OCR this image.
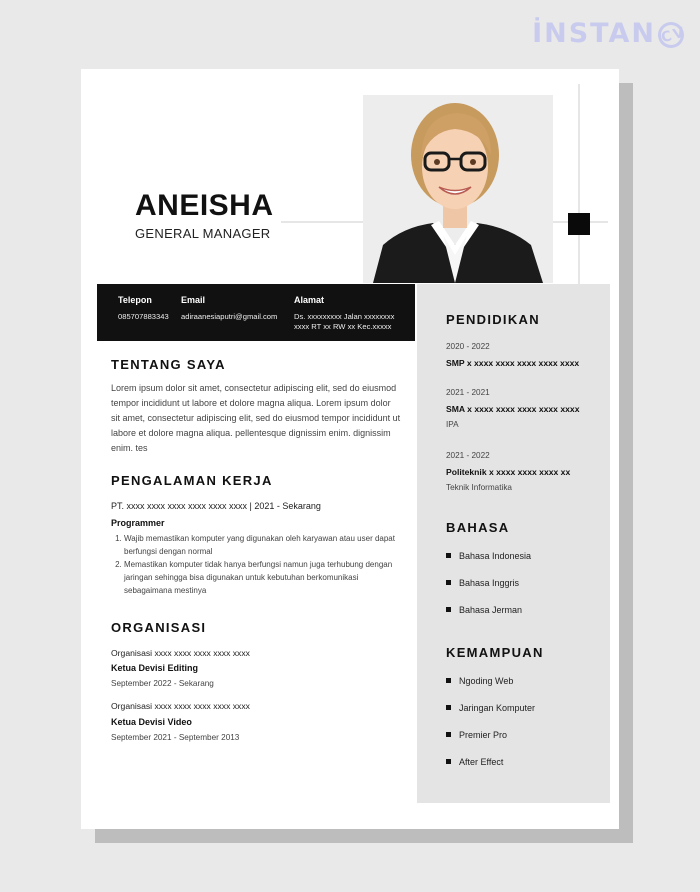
İNSTAN CV
ANEISHA
GENERAL MANAGER
Telepon
085707883343
Email
adiraanesiaputri@gmail.com
Alamat
Ds. xxxxxxxxx Jalan xxxxxxxx
xxxx RT xx RW xx Kec.xxxxx	PENDIDIKAN
2020 - 2022
SMP x xxxx xxxx xxxx xxxx xxxx
2021 - 2021
SMA x xxxx xxxx xxxx xxxx xxxx
IPA
2021 - 2022
Politeknik x xxxx xxxx xxxx xx
Teknik Informatika
BAHASA
Bahasa Indonesia
Bahasa Inggris
Bahasa Jerman
KEMAMPUAN
Ngoding Web
Jaringan Komputer
Premier Pro
After Effect
TENTANG SAYA
Lorem ipsum dolor sit amet, consectetur adipiscing elit, sed do eiusmod tempor incididunt ut labore et dolore magna aliqua. Lorem ipsum dolor sit amet, consectetur adipiscing elit, sed do eiusmod tempor incididunt ut labore et dolore magna aliqua. pellentesque dignissim enim. dignissim enim. tes
PENGALAMAN KERJA
PT. xxxx xxxx xxxx xxxx xxxx xxxx | 2021 - Sekarang
Programmer
1. Wajib memastikan komputer yang digunakan oleh karyawan atau user dapat berfungsi dengan normal
2. Memastikan komputer tidak hanya berfungsi namun juga terhubung dengan jaringan sehingga bisa digunakan untuk kebutuhan berkomunikasi sebagaimana mestinya
ORGANISASI
Organisasi xxxx xxxx xxxx xxxx xxxx
Ketua Devisi Editing
September 2022 - Sekarang
Organisasi xxxx xxxx xxxx xxxx xxxx
Ketua Devisi Video
September 2021 - September 2013
